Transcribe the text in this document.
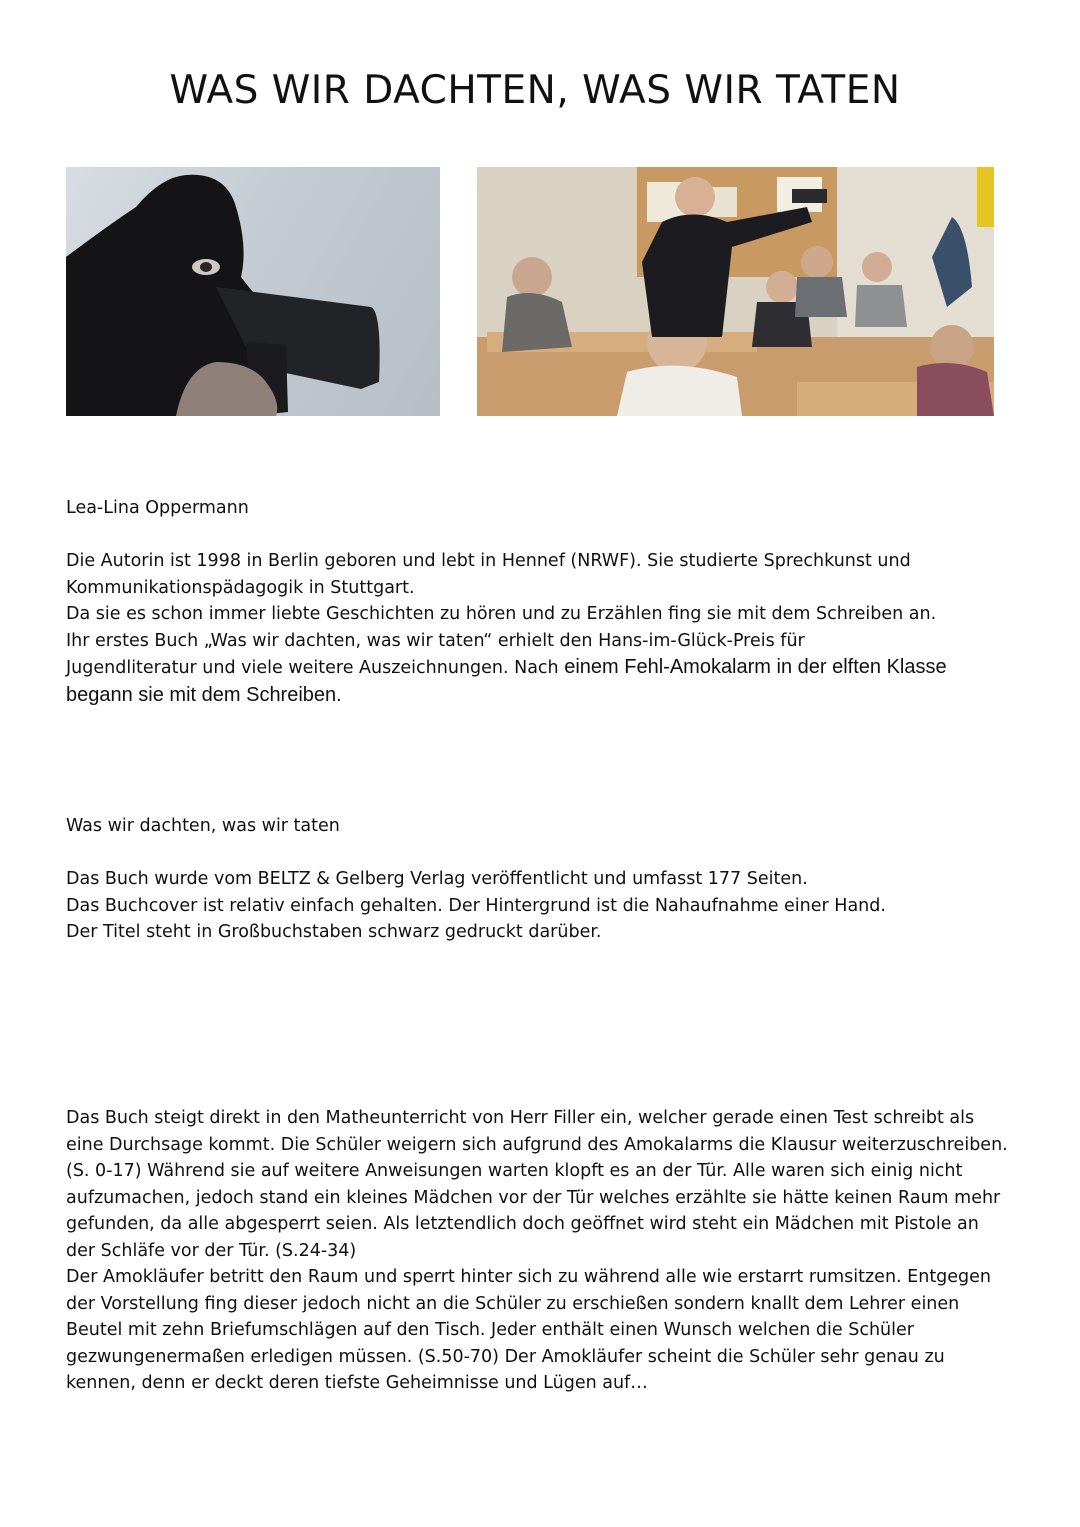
WAS WIR DACHTEN, WAS WIR TATEN

Lea-Lina Oppermann

Die Autorin ist 1998 in Berlin geboren und lebt in Hennef (NRWF). Sie studierte Sprechkunst und

Kommunikationspädagogik in Stuttgart.

Da sie es schon immer liebte Geschichten zu hören und zu Erzählen fing sie mit dem Schreiben an.

Ihr erstes Buch „Was wir dachten, was wir taten“ erhielt den Hans-im-Glück-Preis für

Jugendliteratur und viele weitere Auszeichnungen. Nach einem Fehl-Amokalarm in der elften Klasse

begann sie mit dem Schreiben.

Was wir dachten, was wir taten

Das Buch wurde vom BELTZ & Gelberg Verlag veröffentlicht und umfasst 177 Seiten.

Das Buchcover ist relativ einfach gehalten. Der Hintergrund ist die Nahaufnahme einer Hand.

Der Titel steht in Großbuchstaben schwarz gedruckt darüber.

Das Buch steigt direkt in den Matheunterricht von Herr Filler ein, welcher gerade einen Test schreibt als

eine Durchsage kommt. Die Schüler weigern sich aufgrund des Amokalarms die Klausur weiterzuschreiben.

(S. 0-17) Während sie auf weitere Anweisungen warten klopft es an der Tür. Alle waren sich einig nicht

aufzumachen, jedoch stand ein kleines Mädchen vor der Tür welches erzählte sie hätte keinen Raum mehr

gefunden, da alle abgesperrt seien. Als letztendlich doch geöffnet wird steht ein Mädchen mit Pistole an

der Schläfe vor der Tür. (S.24-34)

Der Amokläufer betritt den Raum und sperrt hinter sich zu während alle wie erstarrt rumsitzen. Entgegen

der Vorstellung fing dieser jedoch nicht an die Schüler zu erschießen sondern knallt dem Lehrer einen

Beutel mit zehn Briefumschlägen auf den Tisch. Jeder enthält einen Wunsch welchen die Schüler

gezwungenermaßen erledigen müssen. (S.50-70) Der Amokläufer scheint die Schüler sehr genau zu

kennen, denn er deckt deren tiefste Geheimnisse und Lügen auf…
